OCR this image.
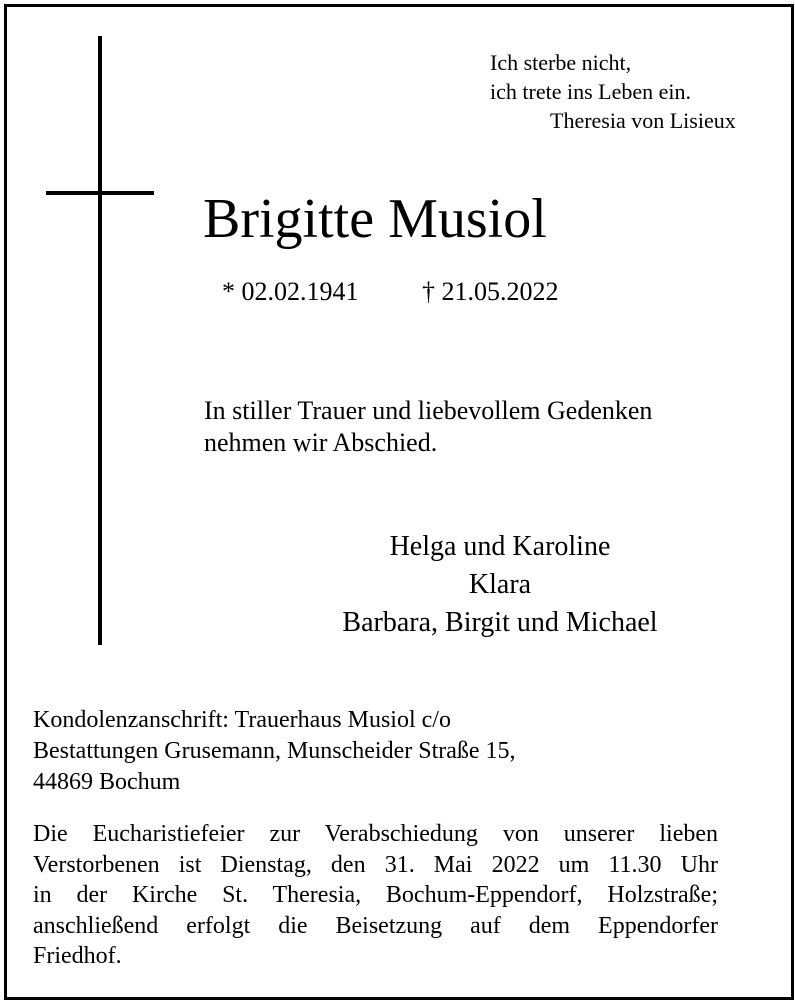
Ich sterbe nicht,
ich trete ins Leben ein.
Theresia von Lisieux
Brigitte Musiol
* 02.02.1941 † 21.05.2022
In stiller Trauer und liebevollem Gedenken
nehmen wir Abschied.
Helga und Karoline
Klara
Barbara, Birgit und Michael
Kondolenzanschrift: Trauerhaus Musiol c/o
Bestattungen Grusemann, Munscheider Straße 15,
44869 Bochum
Die Eucharistiefeier zur Verabschiedung von unserer lieben
Verstorbenen ist Dienstag, den 31. Mai 2022 um 11.30 Uhr
in der Kirche St. Theresia, Bochum-Eppendorf, Holzstraße;
anschließend erfolgt die Beisetzung auf dem Eppendorfer
Friedhof.
